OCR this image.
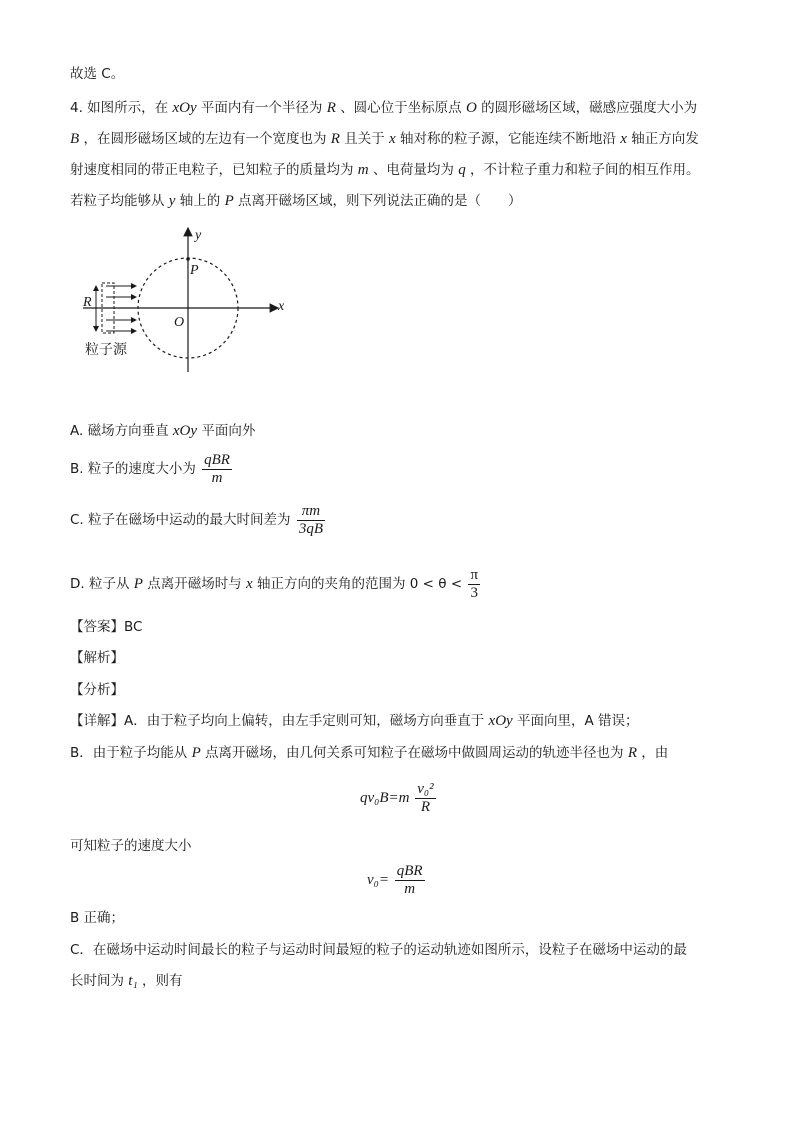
故选 C。
4. 如图所示，在 xOy 平面内有一个半径为 R 、圆心位于坐标原点 O 的圆形磁场区域，磁感应强度大小为
B ，在圆形磁场区域的左边有一个宽度也为 R 且关于 x 轴对称的粒子源，它能连续不断地沿 x 轴正方向发
射速度相同的带正电粒子，已知粒子的质量均为 m 、电荷量均为 q ，不计粒子重力和粒子间的相互作用。
若粒子均能够从 y 轴上的 P 点离开磁场区域，则下列说法正确的是（　　）
y
x
P
O
R
粒子源
A. 磁场方向垂直 xOy 平面向外
B. 粒子的速度大小为 $\frac{\text{qBR}}{m}$
C. 粒子在磁场中运动的最大时间差为 $\frac{\pi m}{3qB}$
D. 粒子从 P 点离开磁场时与 x 轴正方向的夹角的范围为 $0 < \theta < \frac{\pi}{3}$
【答案】BC
【解析】
【分析】
【详解】A．由于粒子均向上偏转，由左手定则可知，磁场方向垂直于 xOy 平面向里，A 错误；
B．由于粒子均能从 P 点离开磁场，由几何关系可知粒子在磁场中做圆周运动的轨迹半径也为 R ，由
$qv_0B=m \frac{\text{v₀²}}{R}$
可知粒子的速度大小
$v_0= \frac{\text{qBR}}{m}$
B 正确；
C．在磁场中运动时间最长的粒子与运动时间最短的粒子的运动轨迹如图所示，设粒子在磁场中运动的最
长时间为 t₁ ，则有
